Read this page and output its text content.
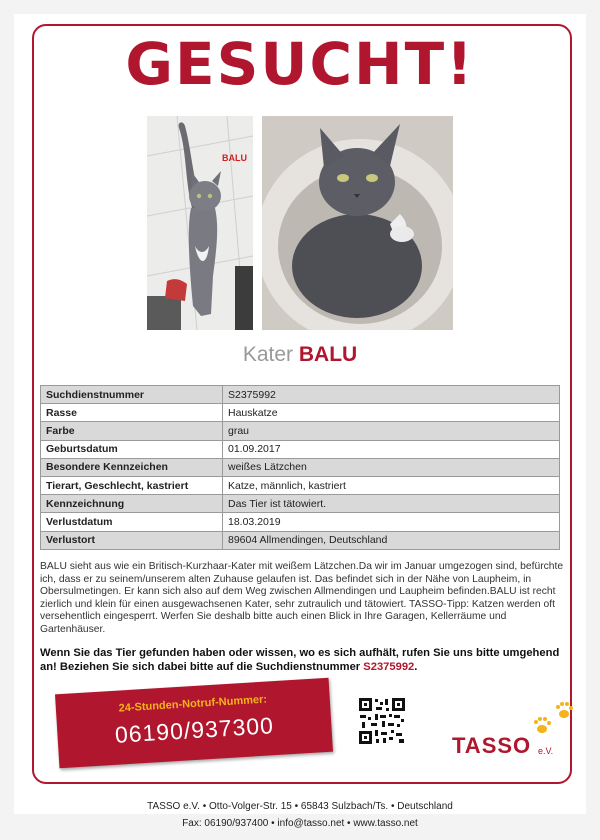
GESUCHT!
BALU
Kater BALU
Suchdienstnummer	S2375992
Rasse	Hauskatze
Farbe	grau
Geburtsdatum	01.09.2017
Besondere Kennzeichen	weißes Lätzchen
Tierart, Geschlecht, kastriert	Katze, männlich, kastriert
Kennzeichnung	Das Tier ist tätowiert.
Verlustdatum	18.03.2019
Verlustort	89604 Allmendingen, Deutschland

BALU sieht aus wie ein Britisch-Kurzhaar-Kater mit weißem Lätzchen.Da wir im Januar umgezogen sind, befürchte ich, dass er zu seinem/unserem alten Zuhause gelaufen ist. Das befindet sich in der Nähe von Laupheim, in Obersulmetingen. Er kann sich also auf dem Weg zwischen Allmendingen und Laupheim befinden.BALU ist recht zierlich und klein für einen ausgewachsenen Kater, sehr zutraulich und tätowiert. TASSO-Tipp: Katzen werden oft versehentlich eingesperrt. Werfen Sie deshalb bitte auch einen Blick in Ihre Garagen, Kellerräume und Gartenhäuser.

Wenn Sie das Tier gefunden haben oder wissen, wo es sich aufhält, rufen Sie uns bitte umgehend an! Beziehen Sie sich dabei bitte auf die Suchdienstnummer S2375992.

24-Stunden-Notruf-Nummer:
06190/937300	TASSO e.V.
TASSO e.V. • Otto-Volger-Str. 15 • 65843 Sulzbach/Ts. • Deutschland
Fax: 06190/937400 • info@tasso.net • www.tasso.net
